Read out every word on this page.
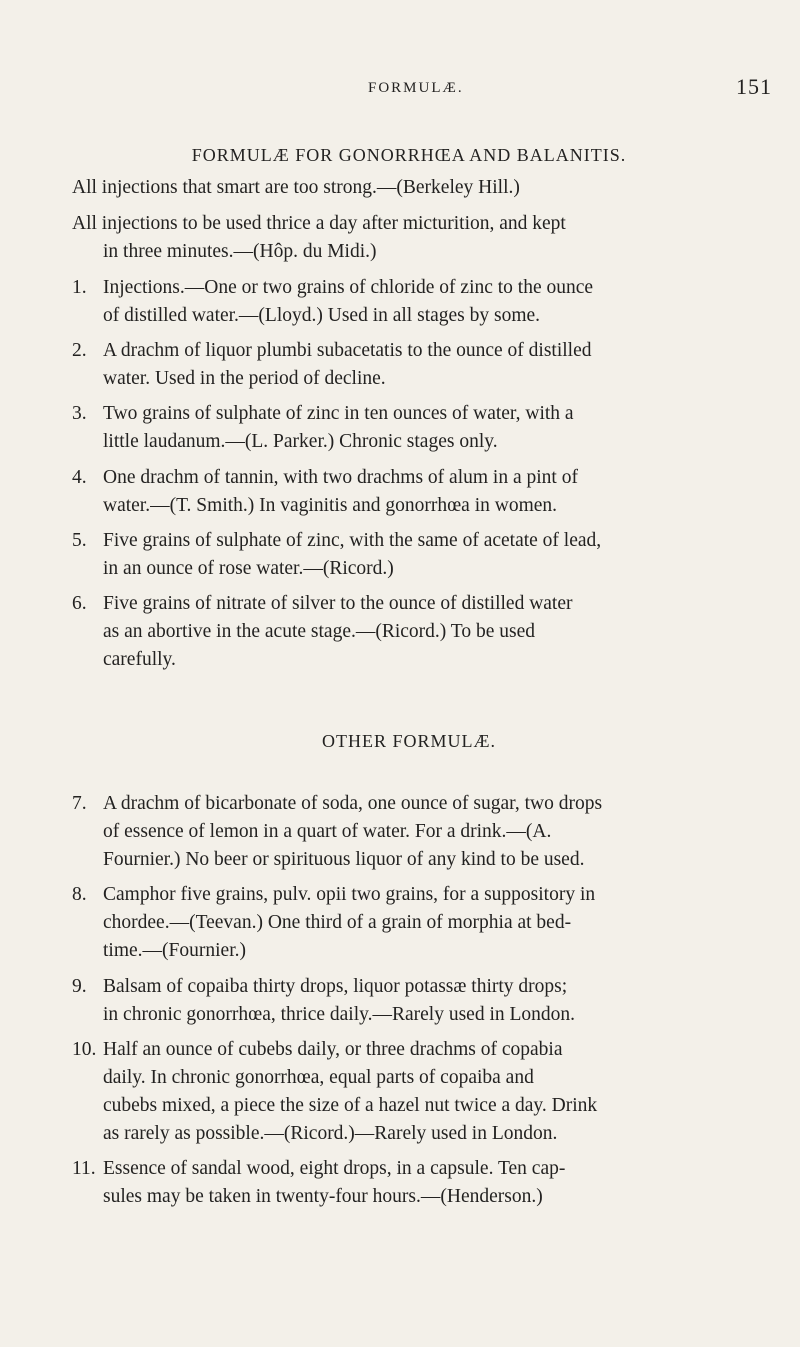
FORMULÆ.	151
FORMULÆ FOR GONORRHŒA AND BALANITIS.
All injections that smart are too strong.—(Berkeley Hill.)
All injections to be used thrice a day after micturition, and kept
in three minutes.—(Hôp. du Midi.)
1. Injections.—One or two grains of chloride of zinc to the ounce
of distilled water.—(Lloyd.) Used in all stages by some.
2. A drachm of liquor plumbi subacetatis to the ounce of distilled
water. Used in the period of decline.
3. Two grains of sulphate of zinc in ten ounces of water, with a
little laudanum.—(L. Parker.) Chronic stages only.
4. One drachm of tannin, with two drachms of alum in a pint of
water.—(T. Smith.) In vaginitis and gonorrhœa in women.
5. Five grains of sulphate of zinc, with the same of acetate of lead,
in an ounce of rose water.—(Ricord.)
6. Five grains of nitrate of silver to the ounce of distilled water
as an abortive in the acute stage.—(Ricord.) To be used
carefully.
OTHER FORMULÆ.
7. A drachm of bicarbonate of soda, one ounce of sugar, two drops
of essence of lemon in a quart of water. For a drink.—(A.
Fournier.) No beer or spirituous liquor of any kind to be used.
8. Camphor five grains, pulv. opii two grains, for a suppository in
chordee.—(Teevan.) One third of a grain of morphia at bed-
time.—(Fournier.)
9. Balsam of copaiba thirty drops, liquor potassæ thirty drops;
in chronic gonorrhœa, thrice daily.—Rarely used in London.
10. Half an ounce of cubebs daily, or three drachms of copabia
daily. In chronic gonorrhœa, equal parts of copaiba and
cubebs mixed, a piece the size of a hazel nut twice a day. Drink
as rarely as possible.—(Ricord.)—Rarely used in London.
11. Essence of sandal wood, eight drops, in a capsule. Ten cap-
sules may be taken in twenty-four hours.—(Henderson.)
